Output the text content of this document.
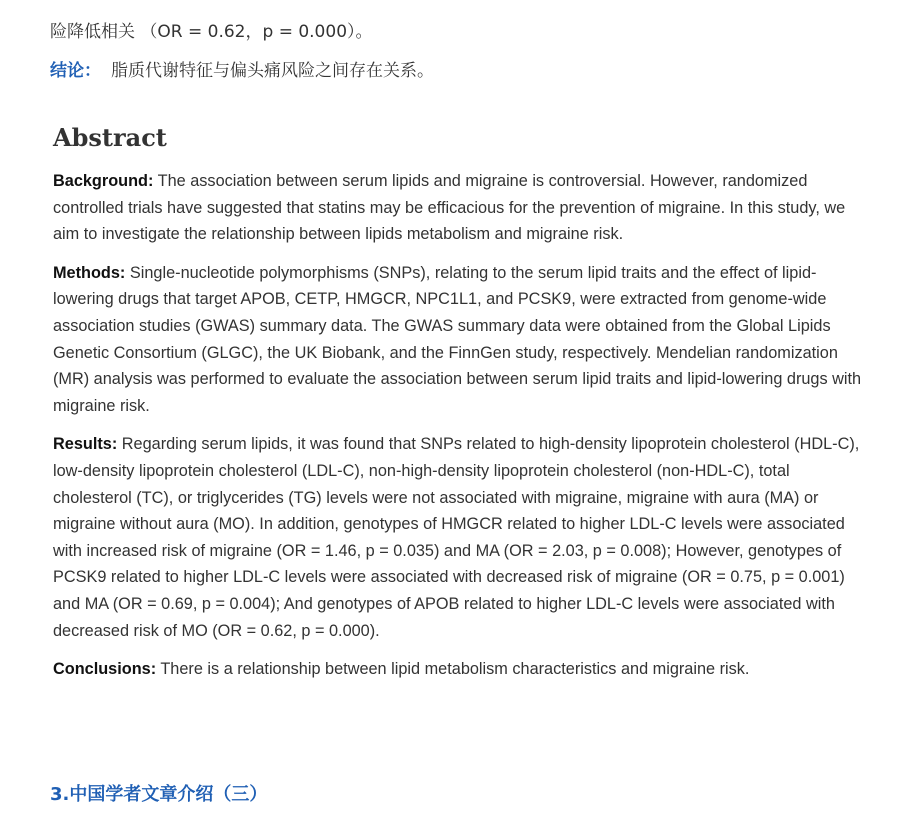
险降低相关 （OR = 0.62，p = 0.000）。
结论： 脂质代谢特征与偏头痛风险之间存在关系。
Abstract

Background: The association between serum lipids and migraine is controversial. However, randomized controlled trials have suggested that statins may be efficacious for the prevention of migraine. In this study, we aim to investigate the relationship between lipids metabolism and migraine risk.

Methods: Single-nucleotide polymorphisms (SNPs), relating to the serum lipid traits and the effect of lipid-lowering drugs that target APOB, CETP, HMGCR, NPC1L1, and PCSK9, were extracted from genome-wide association studies (GWAS) summary data. The GWAS summary data were obtained from the Global Lipids Genetic Consortium (GLGC), the UK Biobank, and the FinnGen study, respectively. Mendelian randomization (MR) analysis was performed to evaluate the association between serum lipid traits and lipid-lowering drugs with migraine risk.

Results: Regarding serum lipids, it was found that SNPs related to high-density lipoprotein cholesterol (HDL-C), low-density lipoprotein cholesterol (LDL-C), non-high-density lipoprotein cholesterol (non-HDL-C), total cholesterol (TC), or triglycerides (TG) levels were not associated with migraine, migraine with aura (MA) or migraine without aura (MO). In addition, genotypes of HMGCR related to higher LDL-C levels were associated with increased risk of migraine (OR = 1.46, p = 0.035) and MA (OR = 2.03, p = 0.008); However, genotypes of PCSK9 related to higher LDL-C levels were associated with decreased risk of migraine (OR = 0.75, p = 0.001) and MA (OR = 0.69, p = 0.004); And genotypes of APOB related to higher LDL-C levels were associated with decreased risk of MO (OR = 0.62, p = 0.000).

Conclusions: There is a relationship between lipid metabolism characteristics and migraine risk.

3.中国学者文章介绍（三）
